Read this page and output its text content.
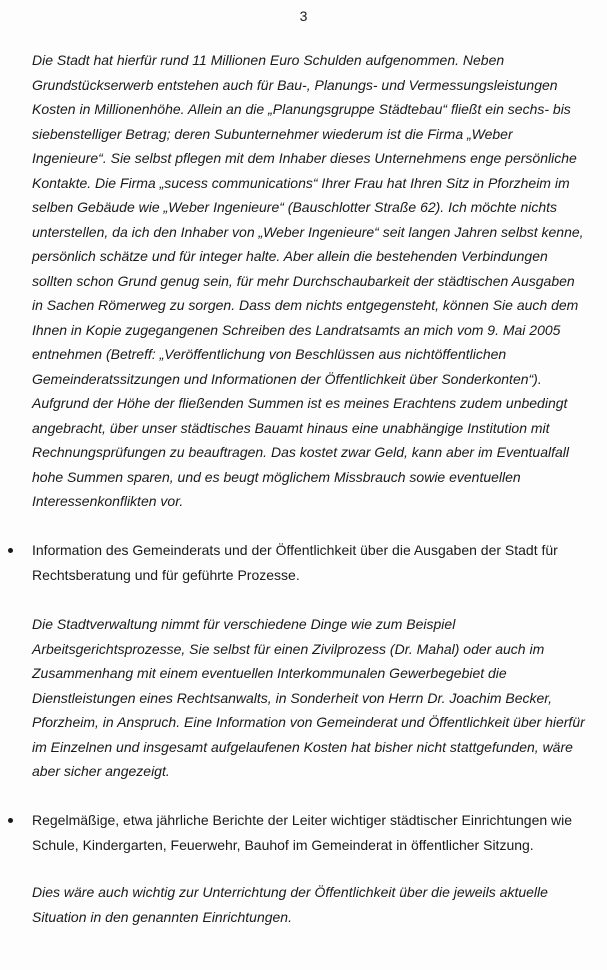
3
Die Stadt hat hierfür rund 11 Millionen Euro Schulden aufgenommen. Neben
Grundstückserwerb entstehen auch für Bau-, Planungs- und Vermessungsleistungen
Kosten in Millionenhöhe. Allein an die „Planungsgruppe Städtebau“ fließt ein sechs- bis
siebenstelliger Betrag; deren Subunternehmer wiederum ist die Firma „Weber
Ingenieure“. Sie selbst pflegen mit dem Inhaber dieses Unternehmens enge persönliche
Kontakte. Die Firma „sucess communications“ Ihrer Frau hat Ihren Sitz in Pforzheim im
selben Gebäude wie „Weber Ingenieure“ (Bauschlotter Straße 62). Ich möchte nichts
unterstellen, da ich den Inhaber von „Weber Ingenieure“ seit langen Jahren selbst kenne,
persönlich schätze und für integer halte. Aber allein die bestehenden Verbindungen
sollten schon Grund genug sein, für mehr Durchschaubarkeit der städtischen Ausgaben
in Sachen Römerweg zu sorgen. Dass dem nichts entgegensteht, können Sie auch dem
Ihnen in Kopie zugegangenen Schreiben des Landratsamts an mich vom 9. Mai 2005
entnehmen (Betreff: „Veröffentlichung von Beschlüssen aus nichtöffentlichen
Gemeinderatssitzungen und Informationen der Öffentlichkeit über Sonderkonten“).
Aufgrund der Höhe der fließenden Summen ist es meines Erachtens zudem unbedingt
angebracht, über unser städtisches Bauamt hinaus eine unabhängige Institution mit
Rechnungsprüfungen zu beauftragen. Das kostet zwar Geld, kann aber im Eventualfall
hohe Summen sparen, und es beugt möglichem Missbrauch sowie eventuellen
Interessenkonflikten vor.
Information des Gemeinderats und der Öffentlichkeit über die Ausgaben der Stadt für
Rechtsberatung und für geführte Prozesse.
Die Stadtverwaltung nimmt für verschiedene Dinge wie zum Beispiel
Arbeitsgerichtsprozesse, Sie selbst für einen Zivilprozess (Dr. Mahal) oder auch im
Zusammenhang mit einem eventuellen Interkommunalen Gewerbegebiet die
Dienstleistungen eines Rechtsanwalts, in Sonderheit von Herrn Dr. Joachim Becker,
Pforzheim, in Anspruch. Eine Information von Gemeinderat und Öffentlichkeit über hierfür
im Einzelnen und insgesamt aufgelaufenen Kosten hat bisher nicht stattgefunden, wäre
aber sicher angezeigt.
Regelmäßige, etwa jährliche Berichte der Leiter wichtiger städtischer Einrichtungen wie
Schule, Kindergarten, Feuerwehr, Bauhof im Gemeinderat in öffentlicher Sitzung.
Dies wäre auch wichtig zur Unterrichtung der Öffentlichkeit über die jeweils aktuelle
Situation in den genannten Einrichtungen.
